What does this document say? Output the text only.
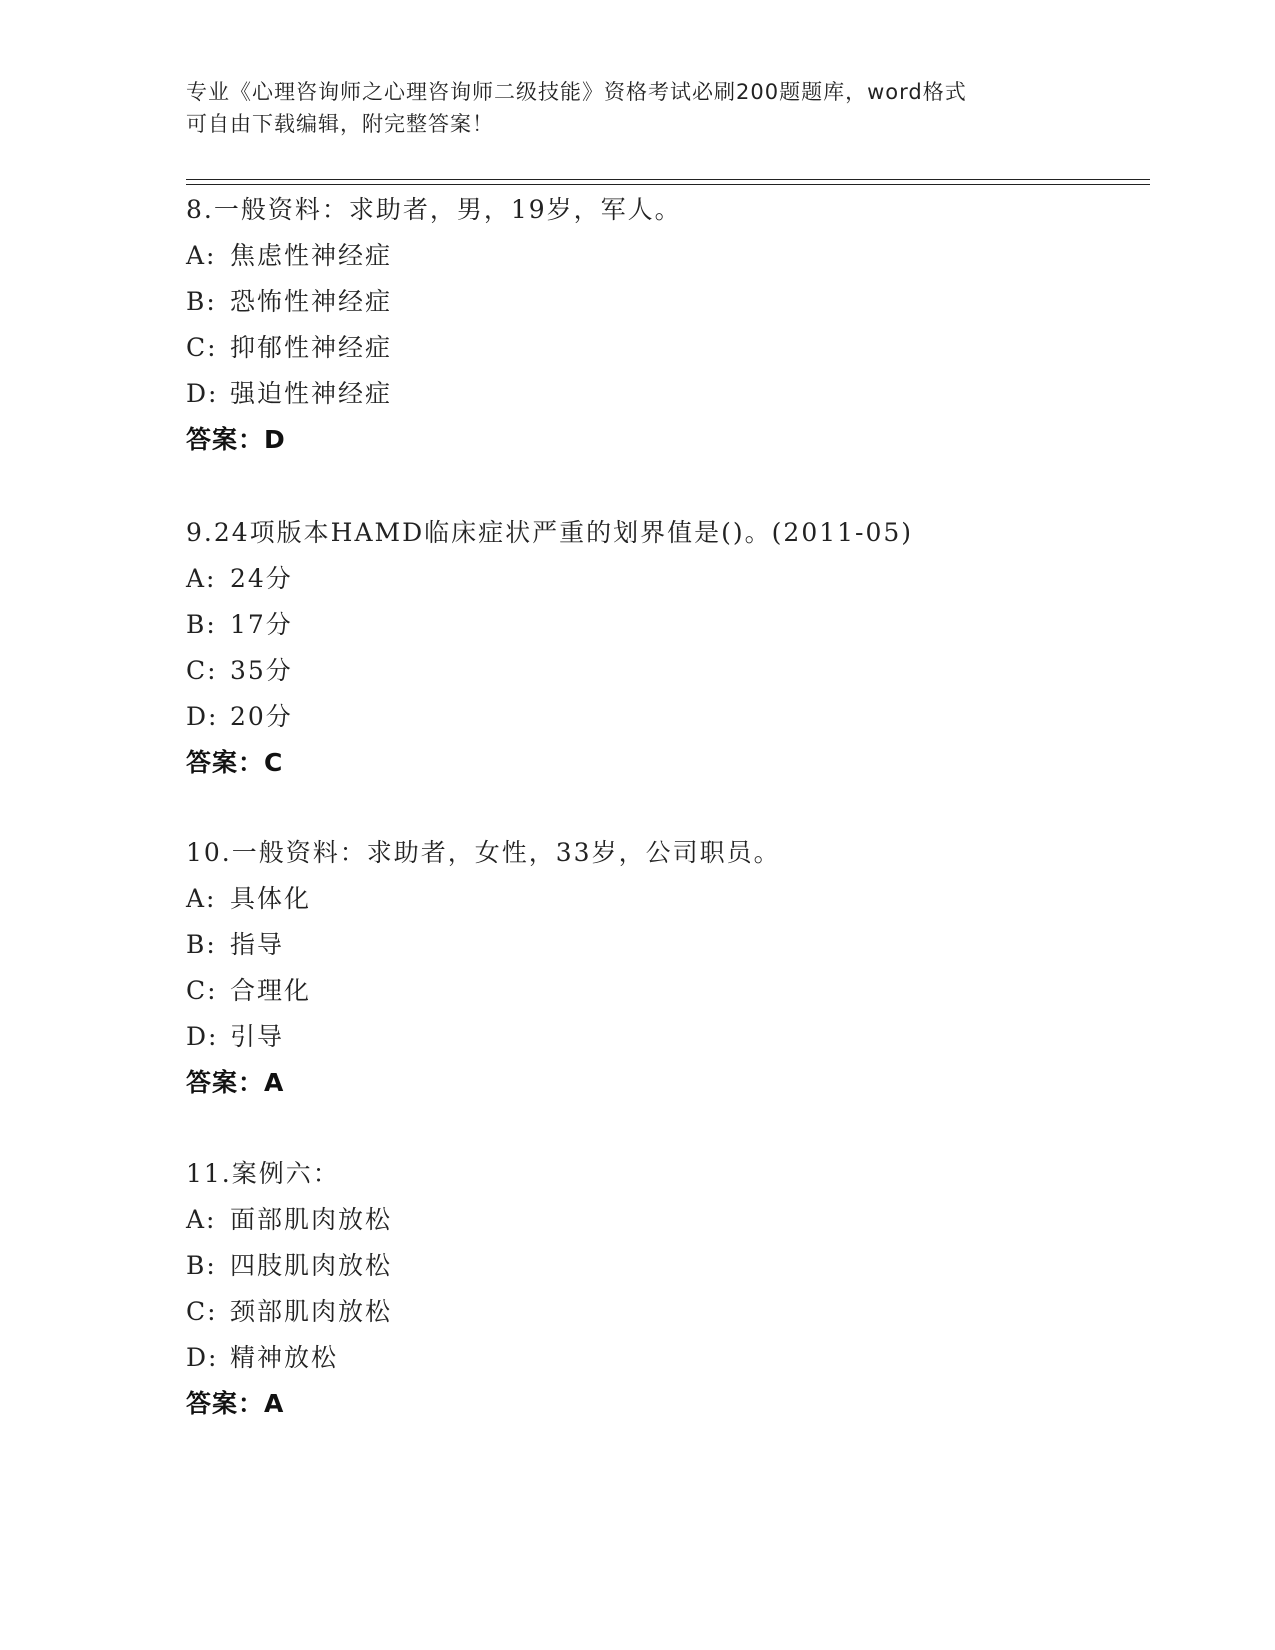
专业《心理咨询师之心理咨询师二级技能》资格考试必刷200题题库，word格式

可自由下载编辑，附完整答案！

8.一般资料：求助者，男，19岁，军人。
A: 焦虑性神经症
B: 恐怖性神经症
C: 抑郁性神经症
D: 强迫性神经症
答案：D
9.24项版本HAMD临床症状严重的划界值是()。(2011-05)
A: 24分
B: 17分
C: 35分
D: 20分
答案：C
10.一般资料：求助者，女性，33岁，公司职员。
A: 具体化
B: 指导
C: 合理化
D: 引导
答案：A
11.案例六：
A: 面部肌肉放松
B: 四肢肌肉放松
C: 颈部肌肉放松
D: 精神放松
答案：A
